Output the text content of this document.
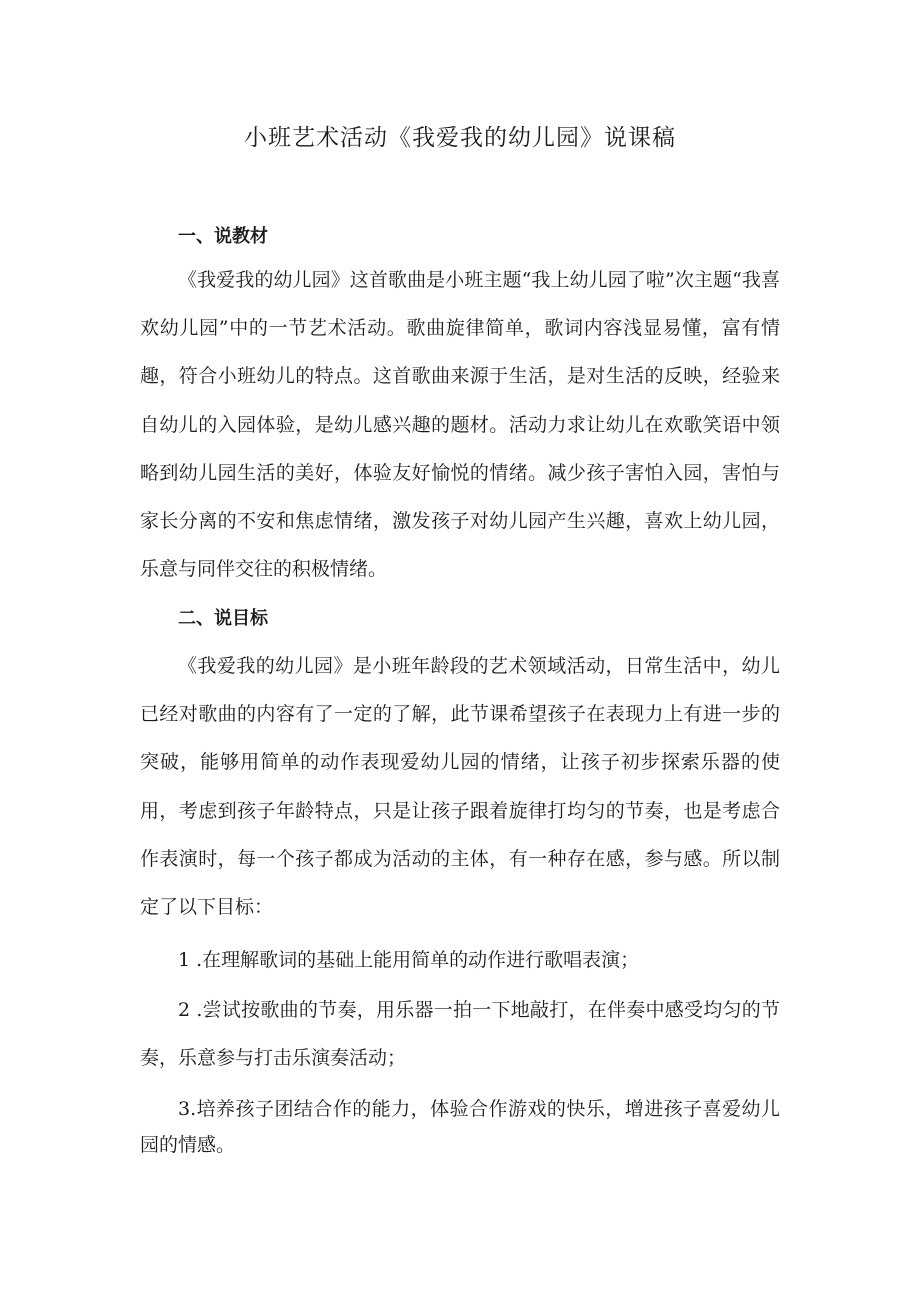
小班艺术活动《我爱我的幼儿园》说课稿
一、说教材

《我爱我的幼儿园》这首歌曲是小班主题“我上幼儿园了啦”次主题“我喜欢幼儿园”中的一节艺术活动。歌曲旋律简单，歌词内容浅显易懂，富有情趣，符合小班幼儿的特点。这首歌曲来源于生活，是对生活的反映，经验来自幼儿的入园体验，是幼儿感兴趣的题材。活动力求让幼儿在欢歌笑语中领略到幼儿园生活的美好，体验友好愉悦的情绪。减少孩子害怕入园，害怕与家长分离的不安和焦虑情绪，激发孩子对幼儿园产生兴趣，喜欢上幼儿园，乐意与同伴交往的积极情绪。

二、说目标

《我爱我的幼儿园》是小班年龄段的艺术领域活动，日常生活中，幼儿已经对歌曲的内容有了一定的了解，此节课希望孩子在表现力上有进一步的突破，能够用简单的动作表现爱幼儿园的情绪，让孩子初步探索乐器的使用，考虑到孩子年龄特点，只是让孩子跟着旋律打均匀的节奏，也是考虑合作表演时，每一个孩子都成为活动的主体，有一种存在感，参与感。所以制定了以下目标：

1 .在理解歌词的基础上能用简单的动作进行歌唱表演；

2 .尝试按歌曲的节奏，用乐器一拍一下地敲打，在伴奏中感受均匀的节奏，乐意参与打击乐演奏活动；

3.培养孩子团结合作的能力，体验合作游戏的快乐，增进孩子喜爱幼儿园的情感。
